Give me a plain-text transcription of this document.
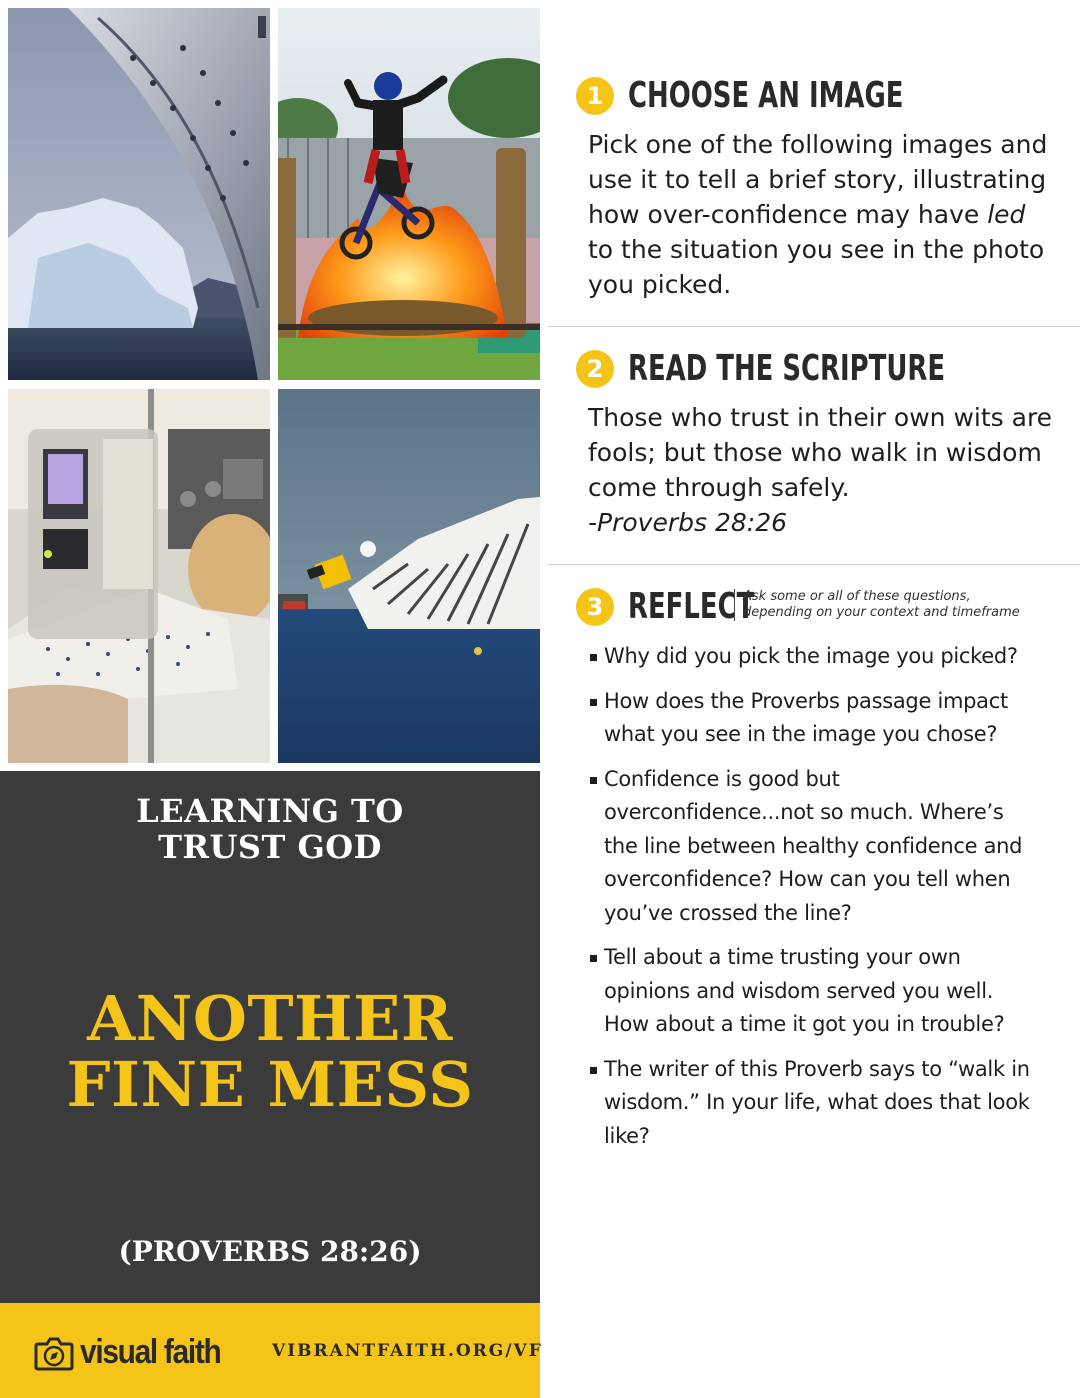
LEARNING TO
TRUST GOD
ANOTHER
FINE MESS
(PROVERBS 28:26)
visual faith	VIBRANTFAITH.ORG/VF
1 CHOOSE AN IMAGE
Pick one of the following images and use it to tell a brief story, illustrating how over-confidence may have led to the situation you see in the photo you picked.
2 READ THE SCRIPTURE
Those who trust in their own wits are fools; but those who walk in wisdom come through safely.
-Proverbs 28:26
3 REFLECT
Ask some or all of these questions,
depending on your context and timeframe
Why did you pick the image you picked?
How does the Proverbs passage impact what you see in the image you chose?
Confidence is good but overconfidence...not so much. Where’s the line between healthy confidence and overconfidence? How can you tell when you’ve crossed the line?
Tell about a time trusting your own opinions and wisdom served you well. How about a time it got you in trouble?
The writer of this Proverb says to “walk in wisdom.” In your life, what does that look like?
